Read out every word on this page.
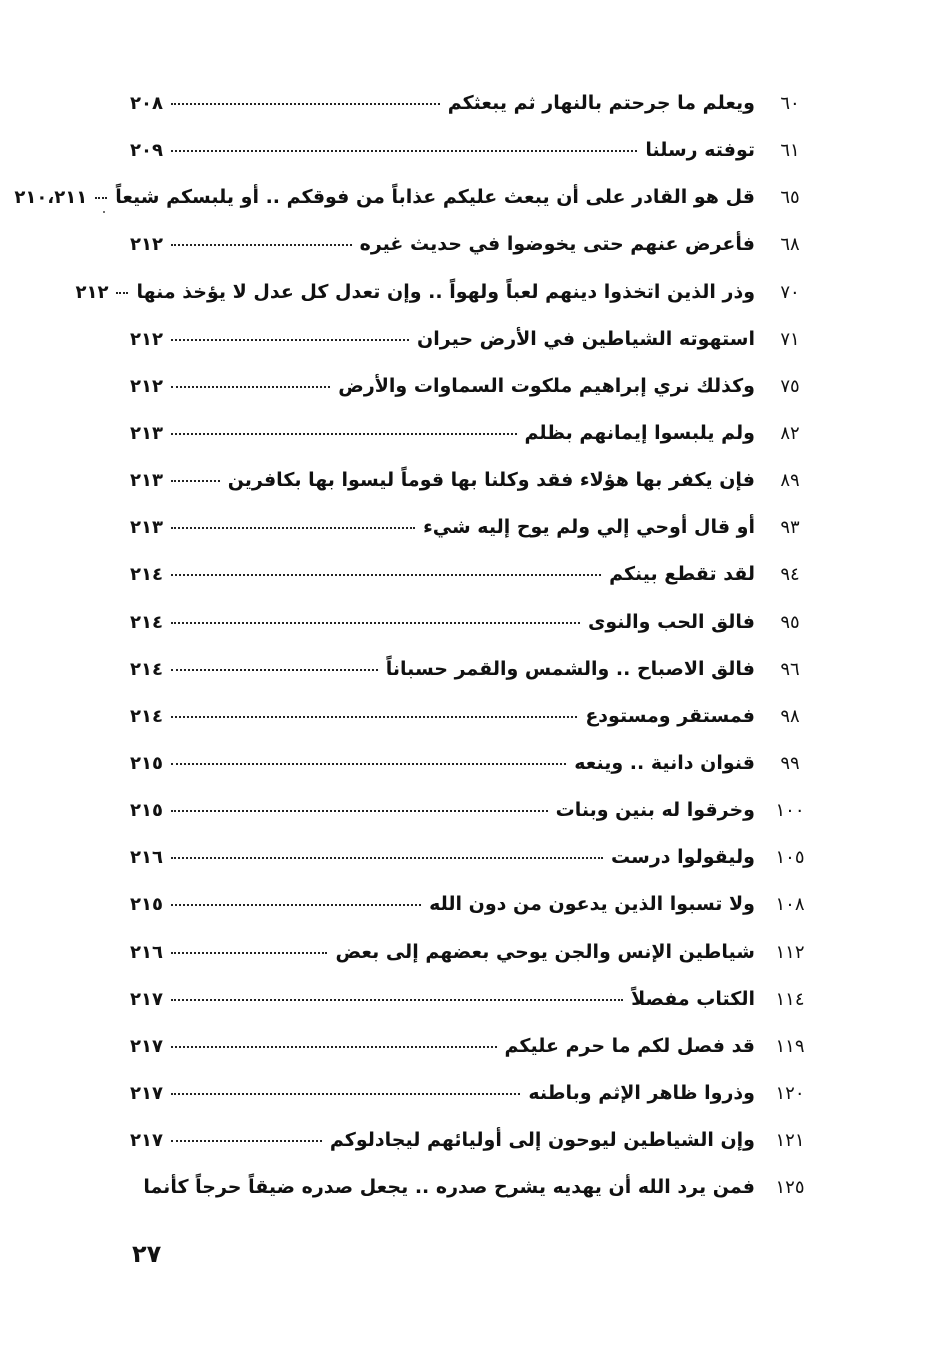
٦٠
ويعلم ما جرحتم بالنهار ثم يبعثكم
٢٠٨
٦١
توفته رسلنا
٢٠٩
٦٥
قل هو القادر على أن يبعث عليكم عذاباً من فوقكم .. أو يلبسكم شيعاً
٢١٠،٢١١
٦٨
فأعرض عنهم حتى يخوضوا في حديث غيره
٢١٢
٧٠
وذر الذين اتخذوا دينهم لعباً ولهواً .. وإن تعدل كل عدل لا يؤخذ منها
٢١٢
٧١
استهوته الشياطين في الأرض حيران
٢١٢
٧٥
وكذلك نري إبراهيم ملكوت السماوات والأرض
٢١٢
٨٢
ولم يلبسوا إيمانهم بظلم
٢١٣
٨٩
فإن يكفر بها هؤلاء فقد وكلنا بها قوماً ليسوا بها بكافرين
٢١٣
٩٣
أو قال أوحي إلي ولم يوح إليه شيء
٢١٣
٩٤
لقد تقطع بينكم
٢١٤
٩٥
فالق الحب والنوى
٢١٤
٩٦
فالق الاصباح .. والشمس والقمر حسباناً
٢١٤
٩٨
فمستقر ومستودع
٢١٤
٩٩
قنوان دانية .. وينعه
٢١٥
١٠٠
وخرقوا له بنين وبنات
٢١٥
١٠٥
وليقولوا درست
٢١٦
١٠٨
ولا تسبوا الذين يدعون من دون الله
٢١٥
١١٢
شياطين الإنس والجن يوحي بعضهم إلى بعض
٢١٦
١١٤
الكتاب مفصلاً
٢١٧
١١٩
قد فصل لكم ما حرم عليكم
٢١٧
١٢٠
وذروا ظاهر الإثم وباطنه
٢١٧
١٢١
وإن الشياطين ليوحون إلى أوليائهم ليجادلوكم
٢١٧
١٢٥
فمن يرد الله أن يهديه يشرح صدره .. يجعل صدره ضيقاً حرجاً كأنما
٢٧
